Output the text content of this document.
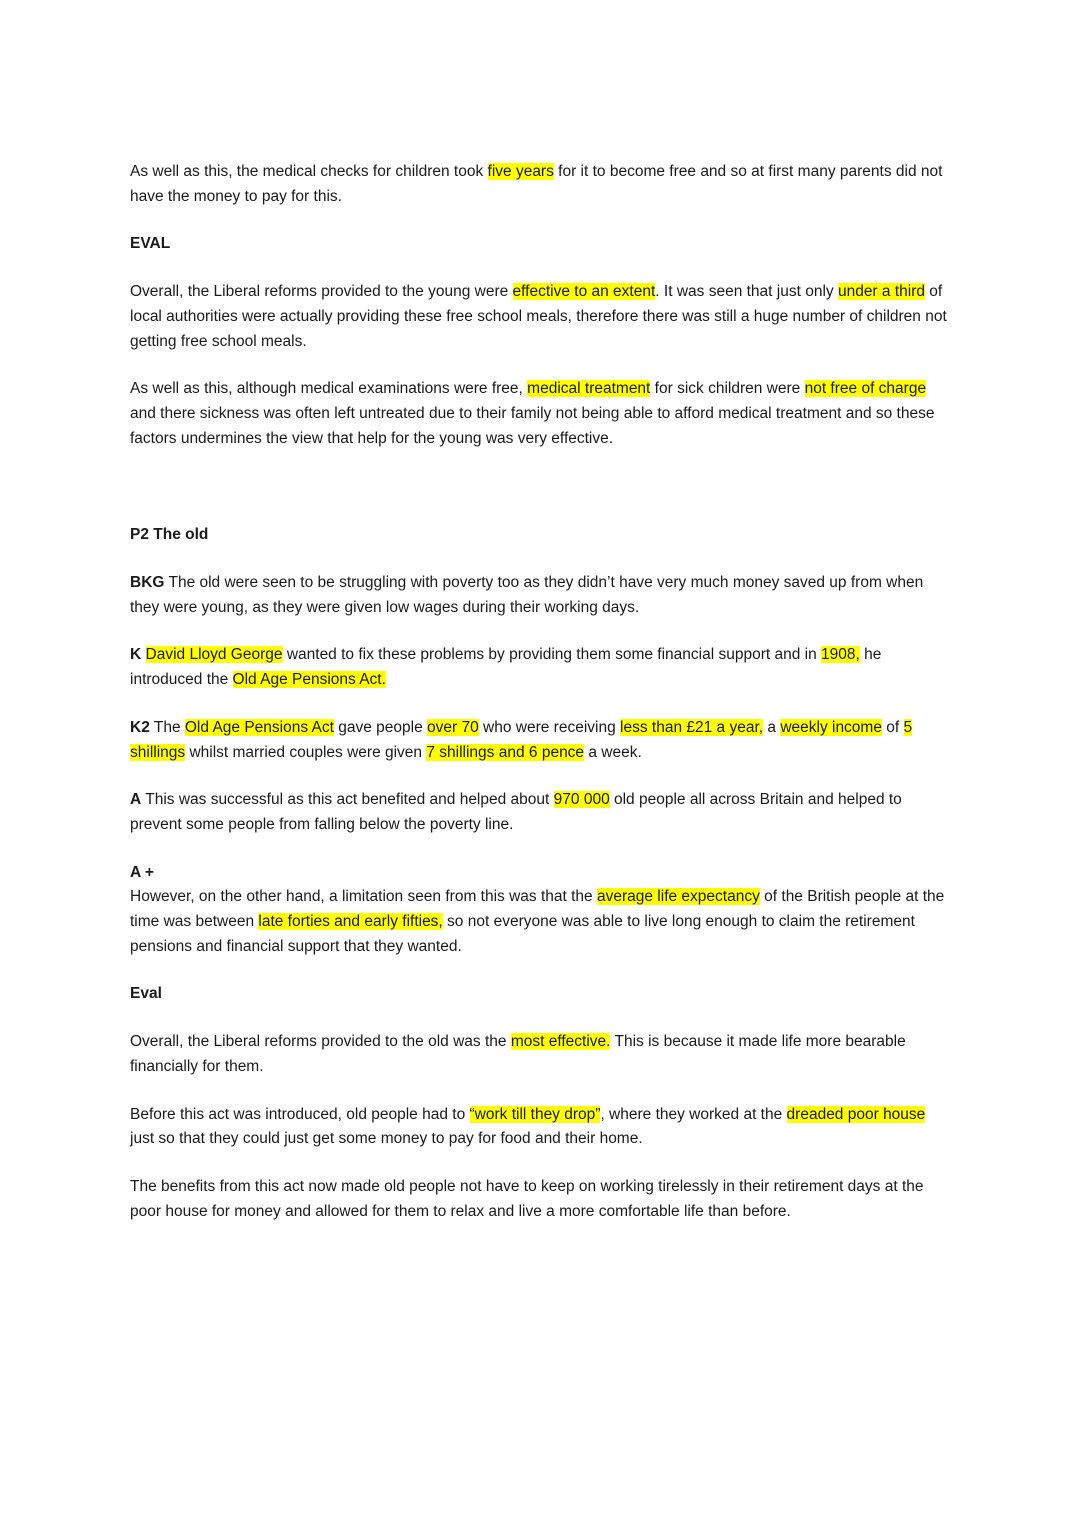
As well as this, the medical checks for children took five years for it to become free and so at first many parents did not have the money to pay for this.

EVAL

Overall, the Liberal reforms provided to the young were effective to an extent. It was seen that just only under a third of local authorities were actually providing these free school meals, therefore there was still a huge number of children not getting free school meals.

As well as this, although medical examinations were free, medical treatment for sick children were not free of charge and there sickness was often left untreated due to their family not being able to afford medical treatment and so these factors undermines the view that help for the young was very effective.

P2 The old

BKG The old were seen to be struggling with poverty too as they didn’t have very much money saved up from when they were young, as they were given low wages during their working days.

K David Lloyd George wanted to fix these problems by providing them some financial support and in 1908, he introduced the Old Age Pensions Act.

K2 The Old Age Pensions Act gave people over 70 who were receiving less than £21 a year, a weekly income of 5 shillings whilst married couples were given 7 shillings and 6 pence a week.

A This was successful as this act benefited and helped about 970 000 old people all across Britain and helped to prevent some people from falling below the poverty line.

A +

However, on the other hand, a limitation seen from this was that the average life expectancy of the British people at the time was between late forties and early fifties, so not everyone was able to live long enough to claim the retirement pensions and financial support that they wanted.

Eval

Overall, the Liberal reforms provided to the old was the most effective. This is because it made life more bearable financially for them.

Before this act was introduced, old people had to “work till they drop”, where they worked at the dreaded poor house just so that they could just get some money to pay for food and their home.

The benefits from this act now made old people not have to keep on working tirelessly in their retirement days at the poor house for money and allowed for them to relax and live a more comfortable life than before.
